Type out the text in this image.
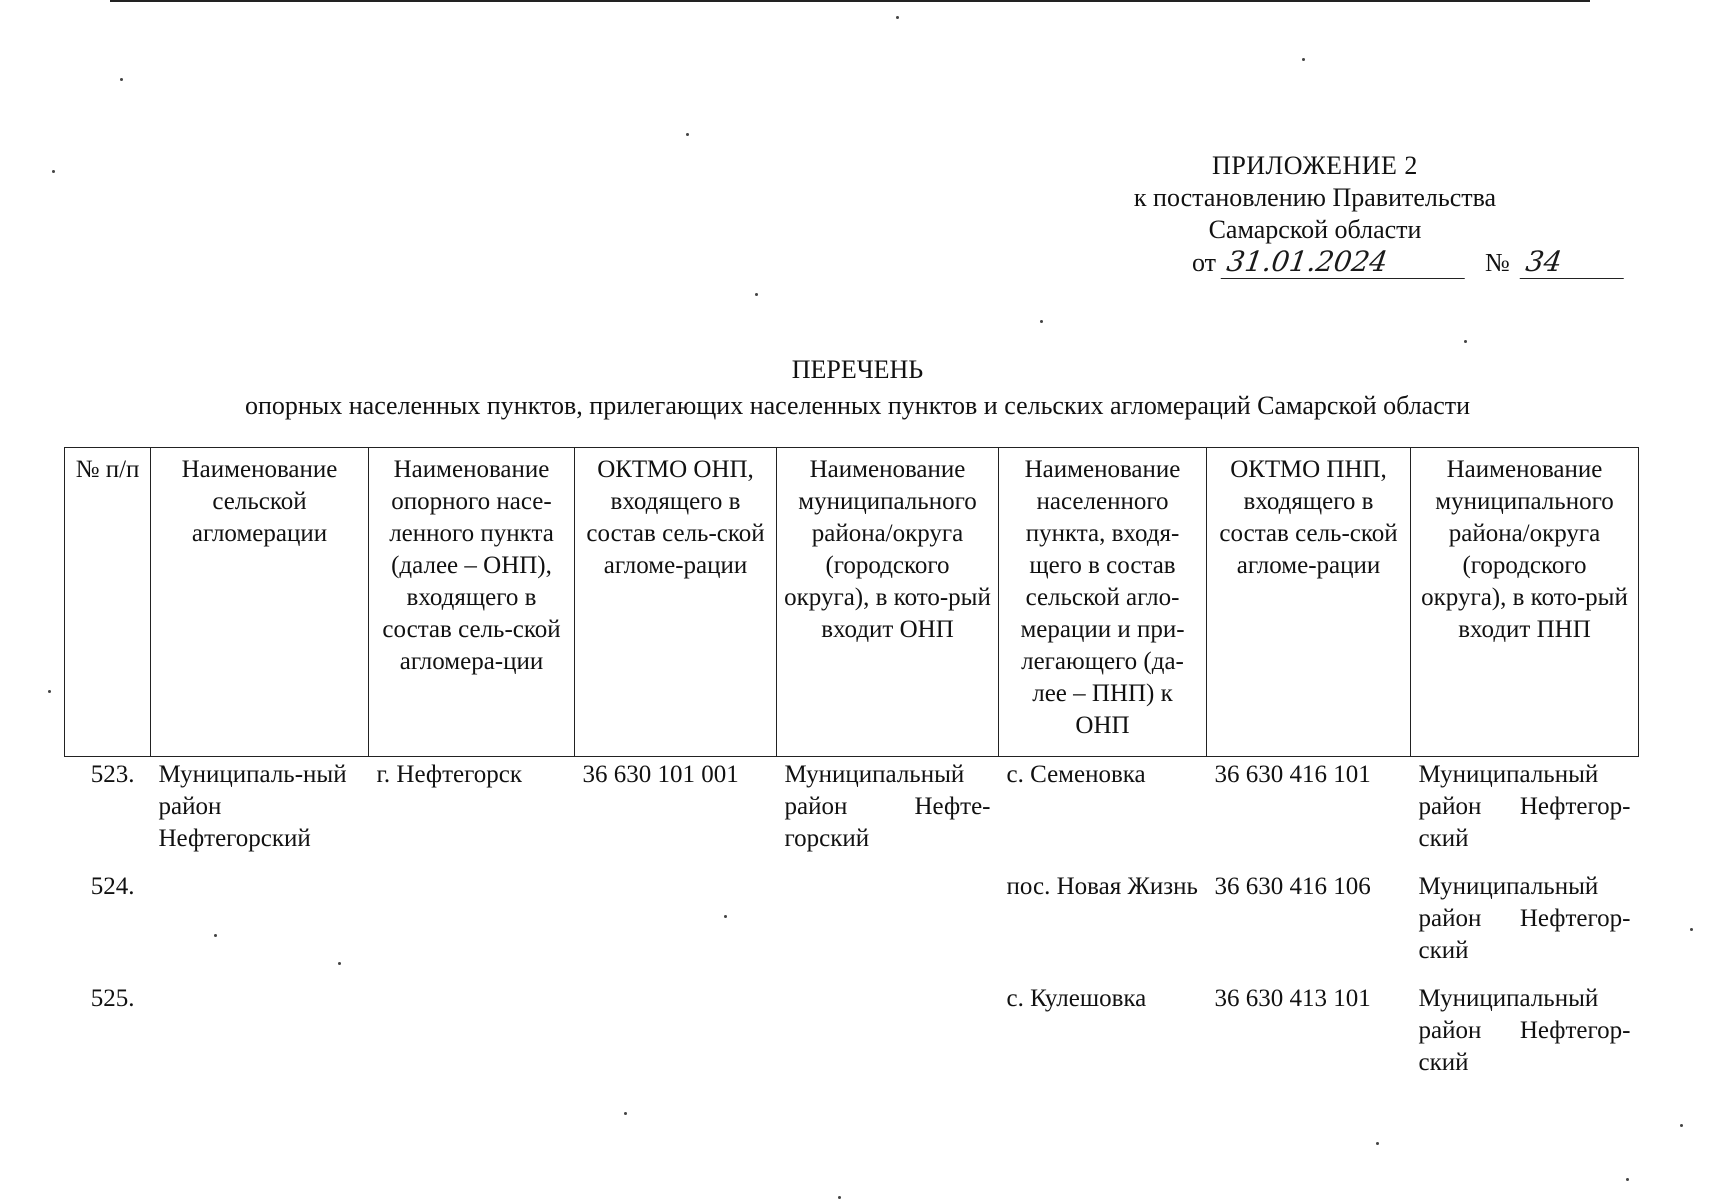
ПРИЛОЖЕНИЕ 2
к постановлению Правительства
Самарской области
от 31.01.2024	№ 34
ПЕРЕЧЕНЬ
опорных населенных пунктов, прилегающих населенных пунктов и сельских агломераций Самарской области
№ п/п	Наименование сельской агломерации	Наименование опорного насе-ленного пункта (далее – ОНП), входящего в состав сель-ской агломера-ции	ОКТМО ОНП, входящего в состав сель-ской агломе-рации	Наименование муниципального района/округа (городского округа), в кото-рый входит ОНП	Наименование населенного пункта, входя-щего в состав сельской агло-мерации и при-легающего (да-лее – ПНП) к ОНП	ОКТМО ПНП, входящего в состав сель-ской агломе-рации	Наименование муниципального района/округа (городского округа), в кото-рый входит ПНП
523.	Муниципаль-ный район Нефтегорский	г. Нефтегорск	36 630 101 001	Муниципальный район Нефте-горский	с. Семеновка	36 630 416 101	Муниципальный район Нефтегор-ский
524.					пос. Новая Жизнь	36 630 416 106	Муниципальный район Нефтегор-ский
525.					с. Кулешовка	36 630 413 101	Муниципальный район Нефтегор-ский
